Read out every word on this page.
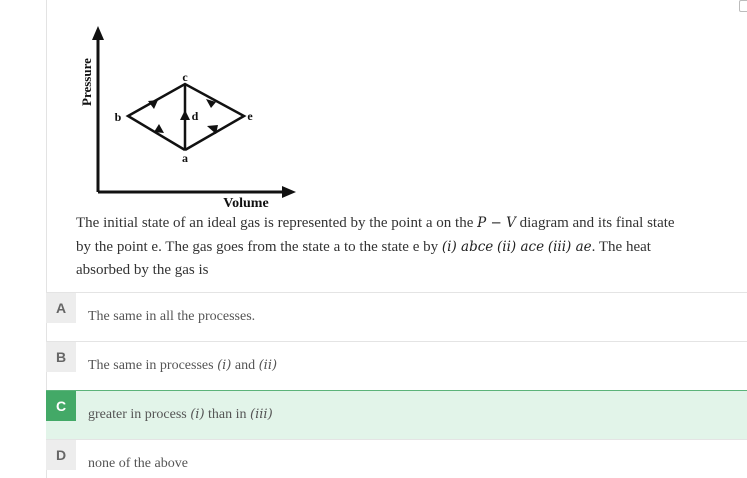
Pressure
Volume
a
b
c
d	e
The initial state of an ideal gas is represented by the point a on the P − V diagram and its final state
by the point e. The gas goes from the state a to the state e by (i) abce (ii) ace (iii) ae. The heat
absorbed by the gas is
A
The same in all the processes.
B
The same in processes (i) and (ii)
C
greater in process (i) than in (iii)
D
none of the above
